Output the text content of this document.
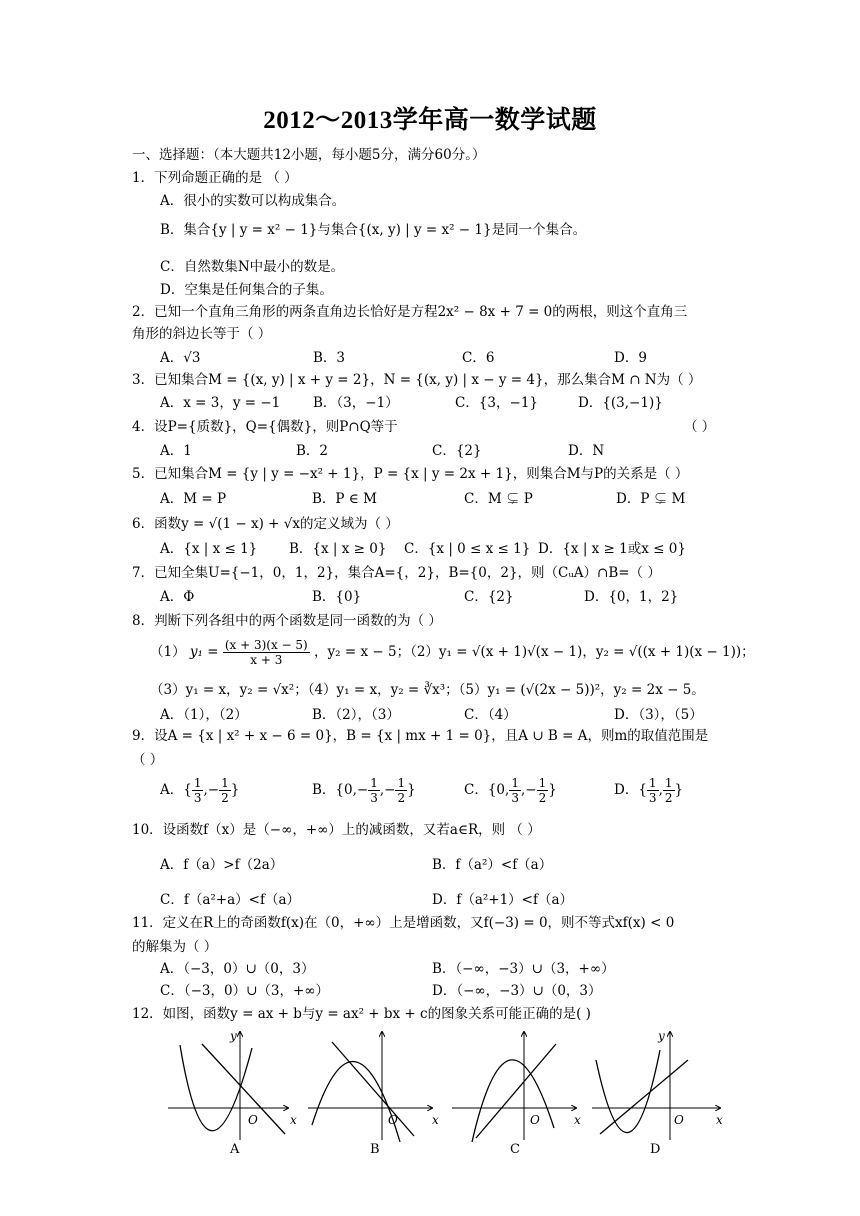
2012～2013学年高一数学试题
一、选择题：（本大题共12小题，每小题5分，满分60分。）
1．下列命题正确的是 （ ）
A．很小的实数可以构成集合。
B．集合{y | y = x² − 1}与集合{(x, y) | y = x² − 1}是同一个集合。
C．自然数集N中最小的数是。
D．空集是任何集合的子集。
2．已知一个直角三角形的两条直角边长恰好是方程2x² − 8x + 7 = 0的两根，则这个直角三
角形的斜边长等于（ ）
A．√3	B．3	C．6	D．9
3．已知集合M = {(x, y) | x + y = 2}，N = {(x, y) | x − y = 4}，那么集合M ∩ N为（ ）
A．x = 3，y = −1 B．（3，−1）	C．{3，−1}	D．{(3,−1)}
4．设P={质数}，Q={偶数}，则P∩Q等于	（ ）
A．1	B．2	C．{2}	D．N
5．已知集合M = {y | y = −x² + 1}，P = {x | y = 2x + 1}，则集合M与P的关系是（ ）
A．M = P	B．P ∈ M	C．M ⊊ P	D．P ⊊ M
6．函数y = √(1 − x) + √x的定义域为（ ）
A．{x | x ≤ 1} B．{x | x ≥ 0} C．{x | 0 ≤ x ≤ 1} D．{x | x ≥ 1或x ≤ 0}
7．已知全集U={−1，0，1，2}，集合A={，2}，B={0，2}，则（CᵤA）∩B=（ ）
A．Φ	B．{0}	C．{2}	D．{0，1，2}
8．判断下列各组中的两个函数是同一函数的为（ ）
（1） $y_1 = \frac{(x + 3)(x - 5)}{x + 3}$ ，y₂ = x − 5；（2）y₁ = √(x + 1)√(x − 1)，y₂ = √((x + 1)(x − 1))；
（3）y₁ = x，y₂ = √x²；（4）y₁ = x，y₂ = ∛x³；（5）y₁ = (√(2x − 5))²，y₂ = 2x − 5。
A．（1），（2）	B．（2），（3）	C．（4）	D．（3），（5）
9．设A = {x | x² + x − 6 = 0}，B = {x | mx + 1 = 0}，且A ∪ B = A，则m的取值范围是
（ ）
A．{ $\frac{1}{3}$ ,− $\frac{1}{2}$ }	B．{$0,- \frac{1}{3}$ ,− $\frac{1}{2}$ }	C．{0, $\frac{1}{3}$ ,− $\frac{1}{2}$ }	D．{ $\frac{1}{3}$ , $\frac{1}{2}$ }
10．设函数f（x）是（−∞，+∞）上的减函数，又若a∈R，则 （ ）
A．f（a）>f（2a）	B．f（a²）<f（a）
C．f（a²+a）<f（a）	D．f（a²+1）<f（a）
11．定义在R上的奇函数f(x)在（0，+∞）上是增函数，又f(−3) = 0，则不等式xf(x) < 0
的解集为（ ）
A．（−3，0）∪（0，3）	B．（−∞，−3）∪（3，+∞）
C．（−3，0）∪（3，+∞）	D．（−∞，−3）∪（0，3）
12．如图，函数y = ax + b与y = ax² + bx + c的图象关系可能正确的是( )
y
O	x	O	x	O	x
y
O	x
A	B	C	D
